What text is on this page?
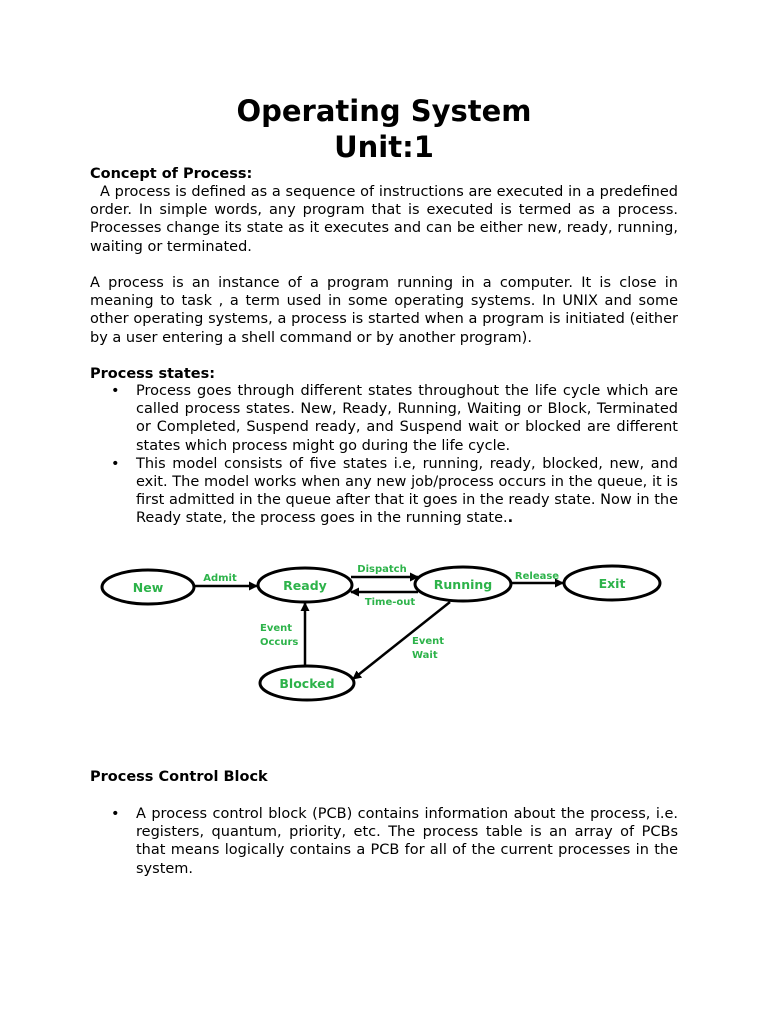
Operating System
Unit:1
Concept of Process:

A process is defined as a sequence of instructions are executed in a predefined order. In simple words, any program that is executed is termed as a process. Processes change its state as it executes and can be either new, ready, running, waiting or terminated.

A process is an instance of a program running in a computer. It is close in meaning to task , a term used in some operating systems. In UNIX and some other operating systems, a process is started when a program is initiated (either by a user entering a shell command or by another program).

Process states:
• Process goes through different states throughout the life cycle which are called process states. New, Ready, Running, Waiting or Block, Terminated or Completed, Suspend ready, and Suspend wait or blocked are different states which process might go during the life cycle.
• This model consists of five states i.e, running, ready, blocked, new, and exit. The model works when any new job/process occurs in the queue, it is first admitted in the queue after that it goes in the ready state. Now in the Ready state, the process goes in the running state..
New	Ready	Running	Exit
Blocked
Admit
Dispatch
Time-out
Release
Event
Occurs	Event
Wait
Process Control Block
• A process control block (PCB) contains information about the process, i.e. registers, quantum, priority, etc. The process table is an array of PCBs that means logically contains a PCB for all of the current processes in the system.
